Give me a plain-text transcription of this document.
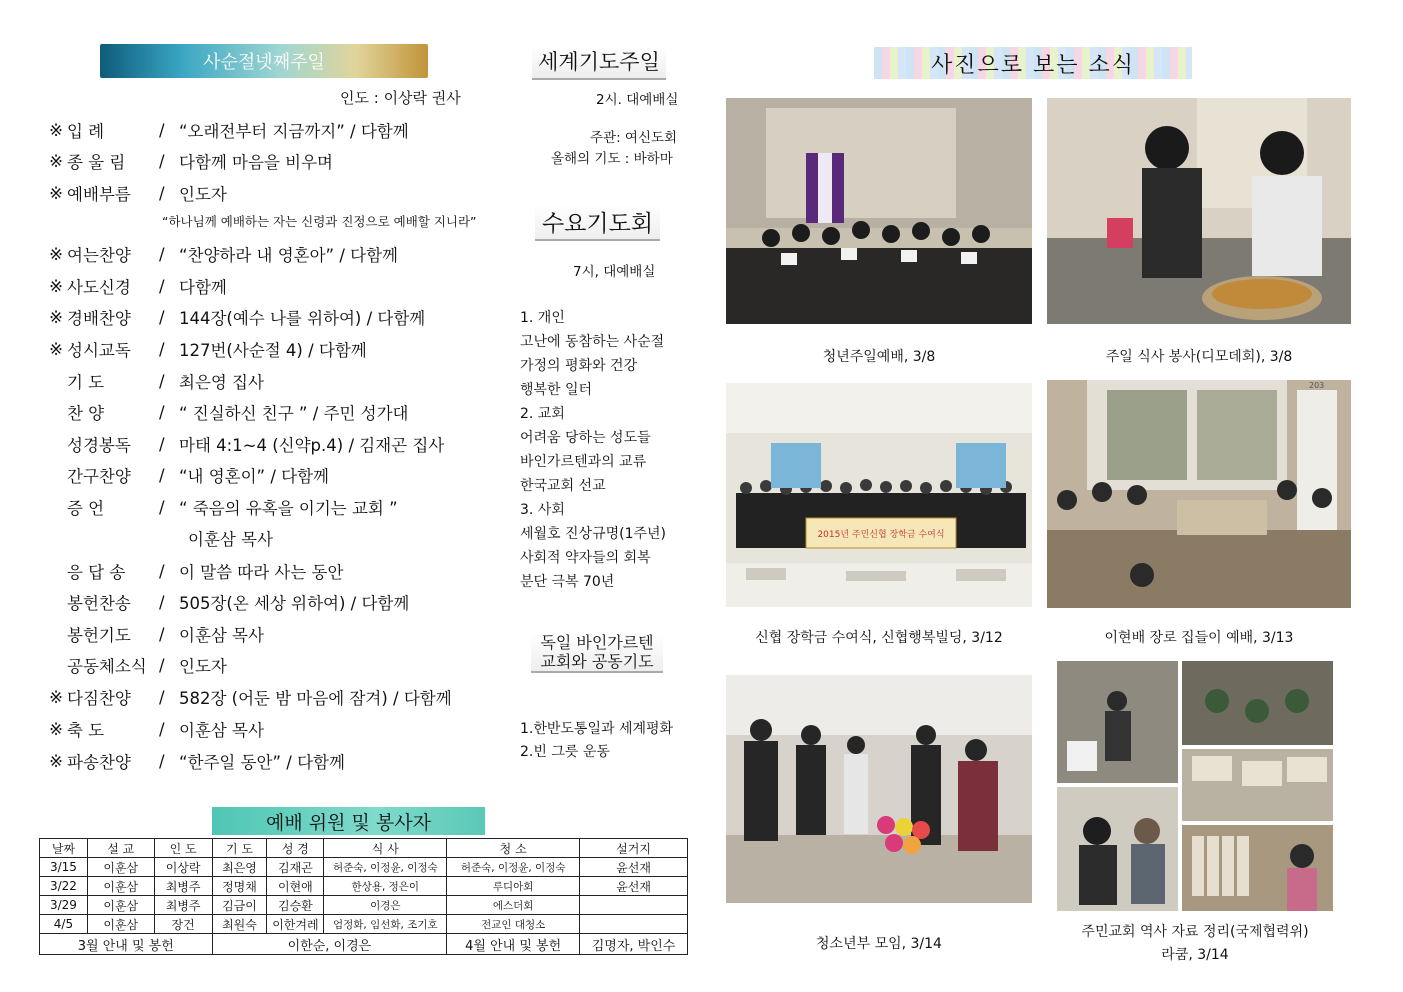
사순절넷째주일
인도 : 이상락 권사
※ 입 례	/ “오래전부터 지금까지” / 다함께
※ 종 울 림	/ 다함께 마음을 비우며
※ 예배부름	/ 인도자
※ 여는찬양	/ “찬양하라 내 영혼아” / 다함께
※ 사도신경	/ 다함께
※ 경배찬양	/ 144장(예수 나를 위하여) / 다함께
※ 성시교독	/ 127번(사순절 4) / 다함께
기 도	/ 최은영 집사
찬 양	/ “ 진실하신 친구 ” / 주민 성가대
성경봉독	/ 마태 4:1~4 (신약p.4) / 김재곤 집사
간구찬양	/ “내 영혼이” / 다함께
증 언	/ “ 죽음의 유혹을 이기는 교회 ”
응 답 송	/ 이 말씀 따라 사는 동안
봉헌찬송	/ 505장(온 세상 위하여) / 다함께
봉헌기도	/ 이훈삼 목사
공동체소식 / 인도자
※ 다짐찬양	/ 582장 (어둔 밤 마음에 잠겨) / 다함께
※ 축 도	/ 이훈삼 목사
※ 파송찬양	/ “한주일 동안” / 다함께
“하나님께 예배하는 자는 신령과 진정으로 예배할 지니라”
이훈삼 목사
예배 위원 및 봉사자
날짜	설 교	인 도	기 도	성 경	식 사	청 소	설거지
3/15	이훈삼	이상락	최은영	김재곤	허준숙, 이정윤, 이정숙	허준숙, 이정윤, 이정숙	윤선재
3/22	이훈삼	최병주	정명채	이현애	한상용, 정은이	루디아회	윤선재
3/29	이훈삼	최병주	김금이	김승환	이경은	에스더회	
4/5	이훈삼	장건	최원숙	이한겨레	엄정화, 임선화, 조기호	전교인 대청소	
3월 안내 및 봉헌			이한순, 이경은			4월 안내 및 봉헌	김명자, 박인수
세계기도주일
2시. 대예배실
주관: 여신도회
올해의 기도 : 바하마
수요기도회
7시, 대예배실
1. 개인
고난에 동참하는 사순절
가정의 평화와 건강
행복한 일터
2. 교회
어려움 당하는 성도들
바인가르텐과의 교류
한국교회 선교
3. 사회
세월호 진상규명(1주년)
사회적 약자들의 회복
분단 극복 70년
독일 바인가르텐
교회와 공동기도
1.한반도통일과 세계평화
2.빈 그릇 운동
사진으로 보는 소식
청년주일예배, 3/8	주일 식사 봉사(디모데회), 3/8
2015년 주민신협 장학금 수여식
203
신협 장학금 수여식, 신협행복빌딩, 3/12	이현배 장로 집들이 예배, 3/13
청소년부 모임, 3/14
주민교회 역사 자료 정리(국제협력위)
라쿰, 3/14
